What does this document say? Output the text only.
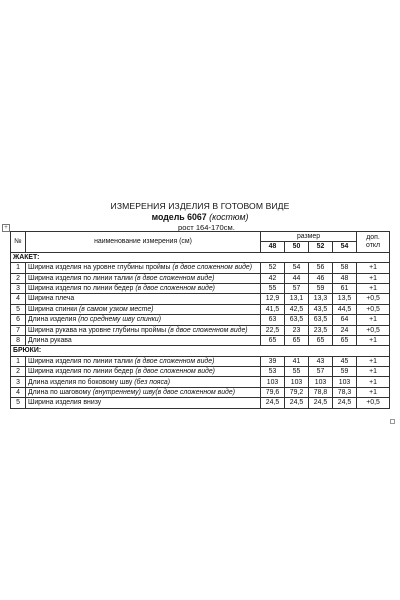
ИЗМЕРЕНИЯ ИЗДЕЛИЯ В ГОТОВОМ ВИДЕ
модель 6067 (костюм)
рост 164-170см.
+
№	наименование измерения (см)	размер				доп.
откл
		48	50	52	54	
ЖАКЕТ:						
1	Ширина изделия на уровне глубины проймы (в двое сложенном виде)	52	54	56	58	+1
2	Ширина изделия по линии талии (в двое сложенном виде)	42	44	46	48	+1
3	Ширина изделия по линии бедер (в двое сложенном виде)	55	57	59	61	+1
4	Ширина плеча	12,9	13,1	13,3	13,5	+0,5
5	Ширина спинки (в самом узком месте)	41,5	42,5	43,5	44,5	+0,5
6	Длина изделия (по среднему шву спинки)	63	63,5	63,5	64	+1
7	Ширина рукава на уровне глубины проймы (в двое сложенном виде)	22,5	23	23,5	24	+0,5
8	Длина рукава	65	65	65	65	+1
БРЮКИ:						
1	Ширина изделия по линии талии (в двое сложенном виде)	39	41	43	45	+1
2	Ширина изделия по линии бедер (в двое сложенном виде)	53	55	57	59	+1
3	Длина изделия по боковому шву (без пояса)	103	103	103	103	+1
4	Длина по шаговому (внутреннему) шву(в двое сложенном виде)	79,6	79,2	78,8	78,3	+1
5	Ширина изделия внизу	24,5	24,5	24,5	24,5	+0,5
